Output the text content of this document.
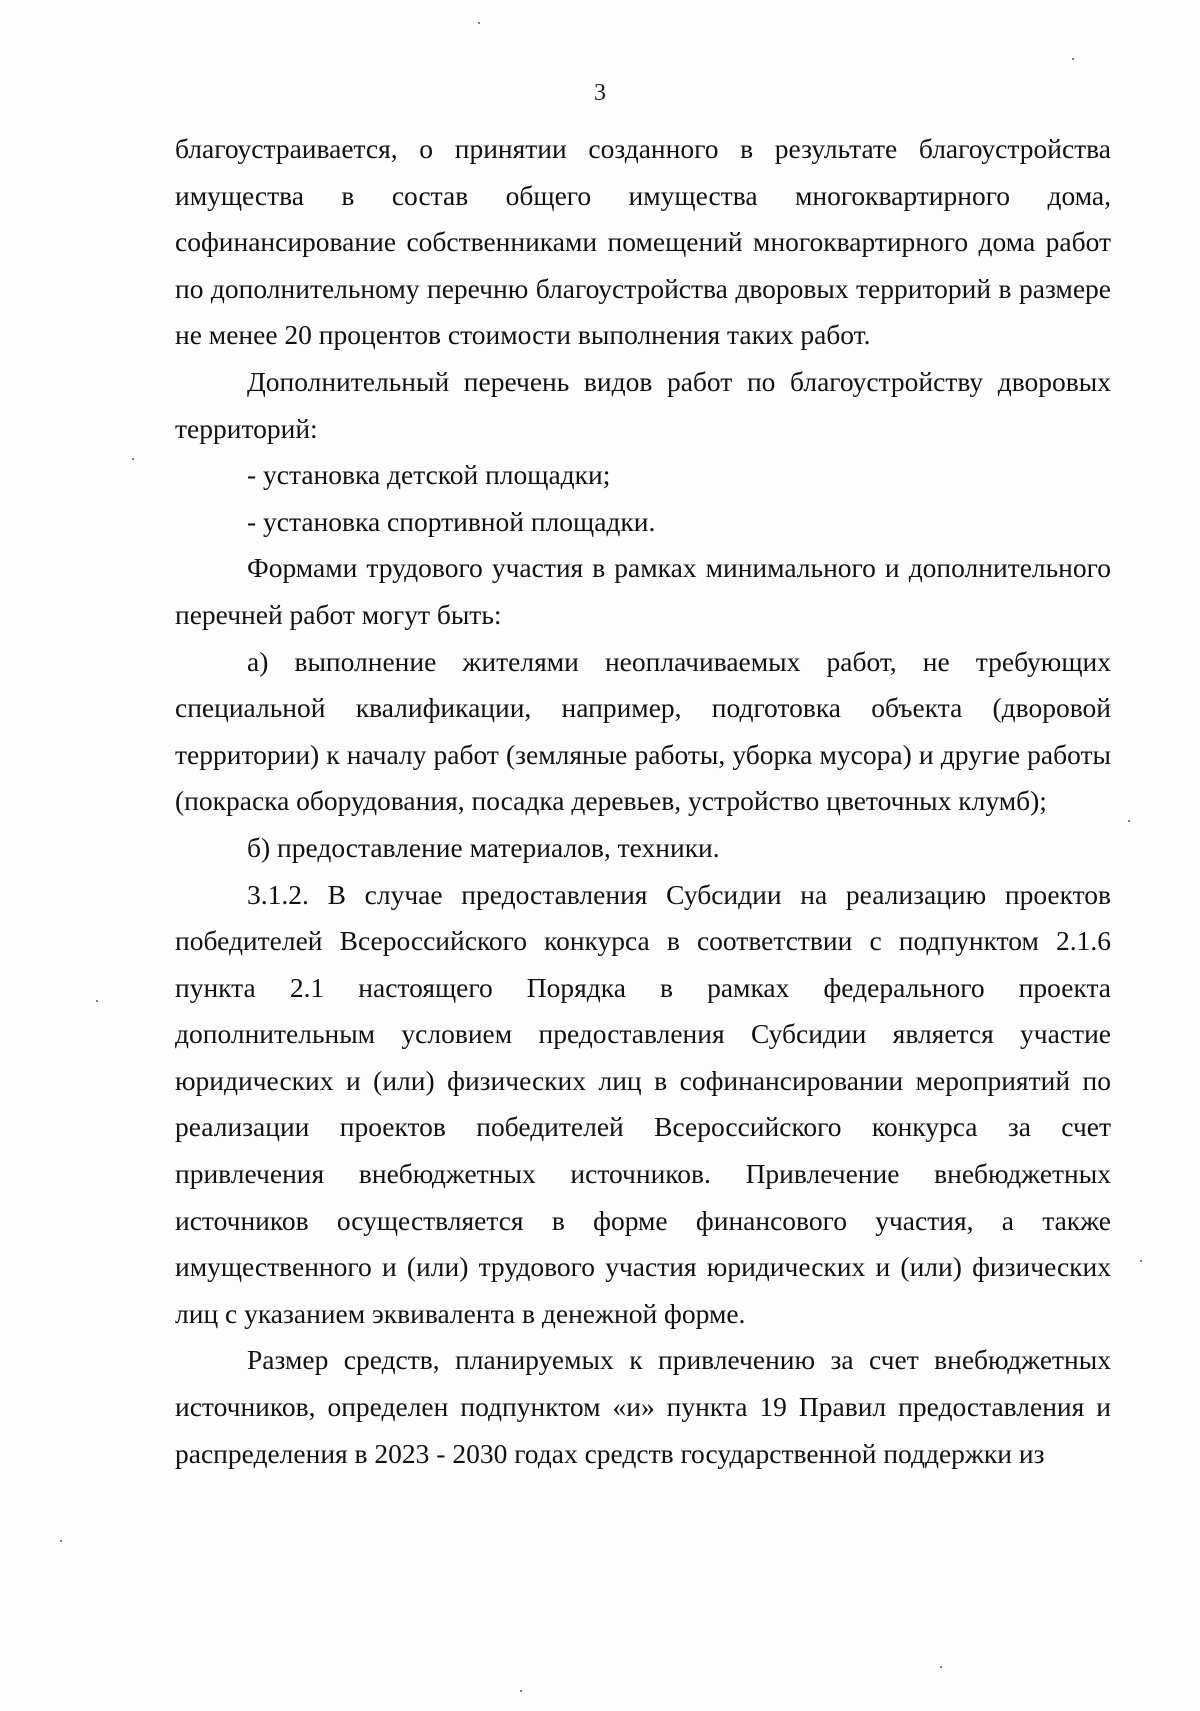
3

благоустраивается, о принятии созданного в результате благоустройства имущества в состав общего имущества многоквартирного дома, софинансирование собственниками помещений многоквартирного дома работ по дополнительному перечню благоустройства дворовых территорий в размере не менее 20 процентов стоимости выполнения таких работ.

Дополнительный перечень видов работ по благоустройству дворовых территорий:

- установка детской площадки;

- установка спортивной площадки.

Формами трудового участия в рамках минимального и дополнительного перечней работ могут быть:

а) выполнение жителями неоплачиваемых работ, не требующих специальной квалификации, например, подготовка объекта (дворовой территории) к началу работ (земляные работы, уборка мусора) и другие работы (покраска оборудования, посадка деревьев, устройство цветочных клумб);

б) предоставление материалов, техники.

3.1.2. В случае предоставления Субсидии на реализацию проектов победителей Всероссийского конкурса в соответствии с подпунктом 2.1.6 пункта 2.1 настоящего Порядка в рамках федерального проекта дополнительным условием предоставления Субсидии является участие юридических и (или) физических лиц в софинансировании мероприятий по реализации проектов победителей Всероссийского конкурса за счет привлечения внебюджетных источников. Привлечение внебюджетных источников осуществляется в форме финансового участия, а также имущественного и (или) трудового участия юридических и (или) физических лиц с указанием эквивалента в денежной форме.

Размер средств, планируемых к привлечению за счет внебюджетных источников, определен подпунктом «и» пункта 19 Правил предоставления и распределения в 2023 - 2030 годах средств государственной поддержки из
